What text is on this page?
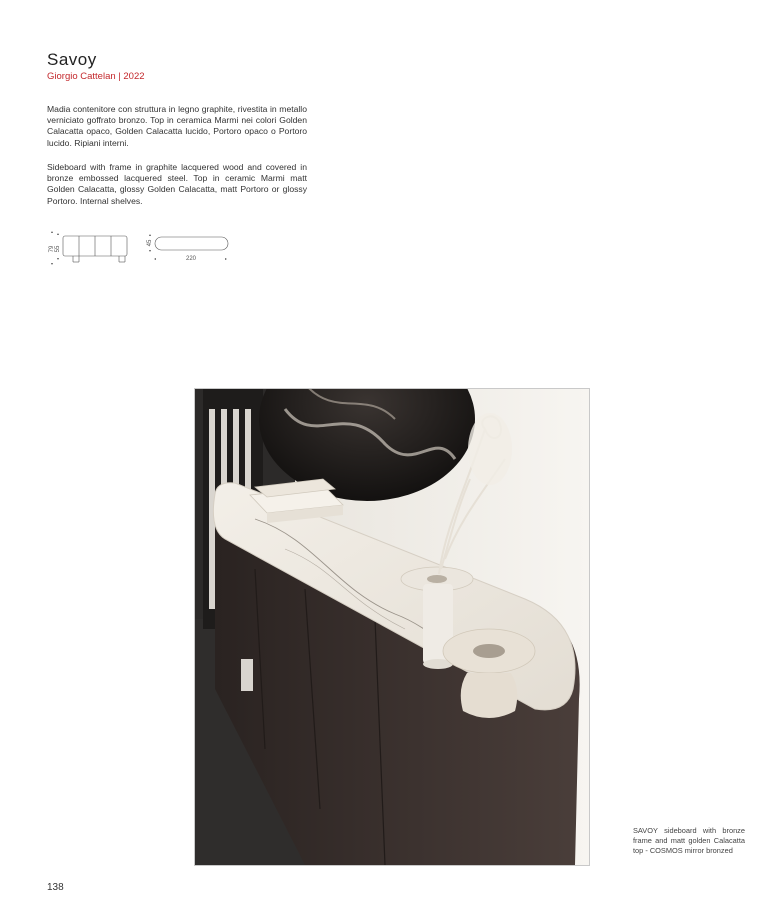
Savoy
Giorgio Cattelan | 2022

Madia contenitore con struttura in legno graphite, rivestita in metallo verniciato goffrato bronzo. Top in ceramica Marmi nei colori Golden Calacatta opaco, Golden Calacatta lucido, Portoro opaco o Portoro lucido. Ripiani interni.

Sideboard with frame in graphite lacquered wood and covered in bronze embossed lacquered steel. Top in ceramic Marmi matt Golden Calacatta, glossy Golden Calacatta, matt Portoro or glossy Portoro. Internal shelves.

79 55
45
220

SAVOY sideboard with bronze frame and matt golden Calacatta top - COSMOS mirror bronzed

138
